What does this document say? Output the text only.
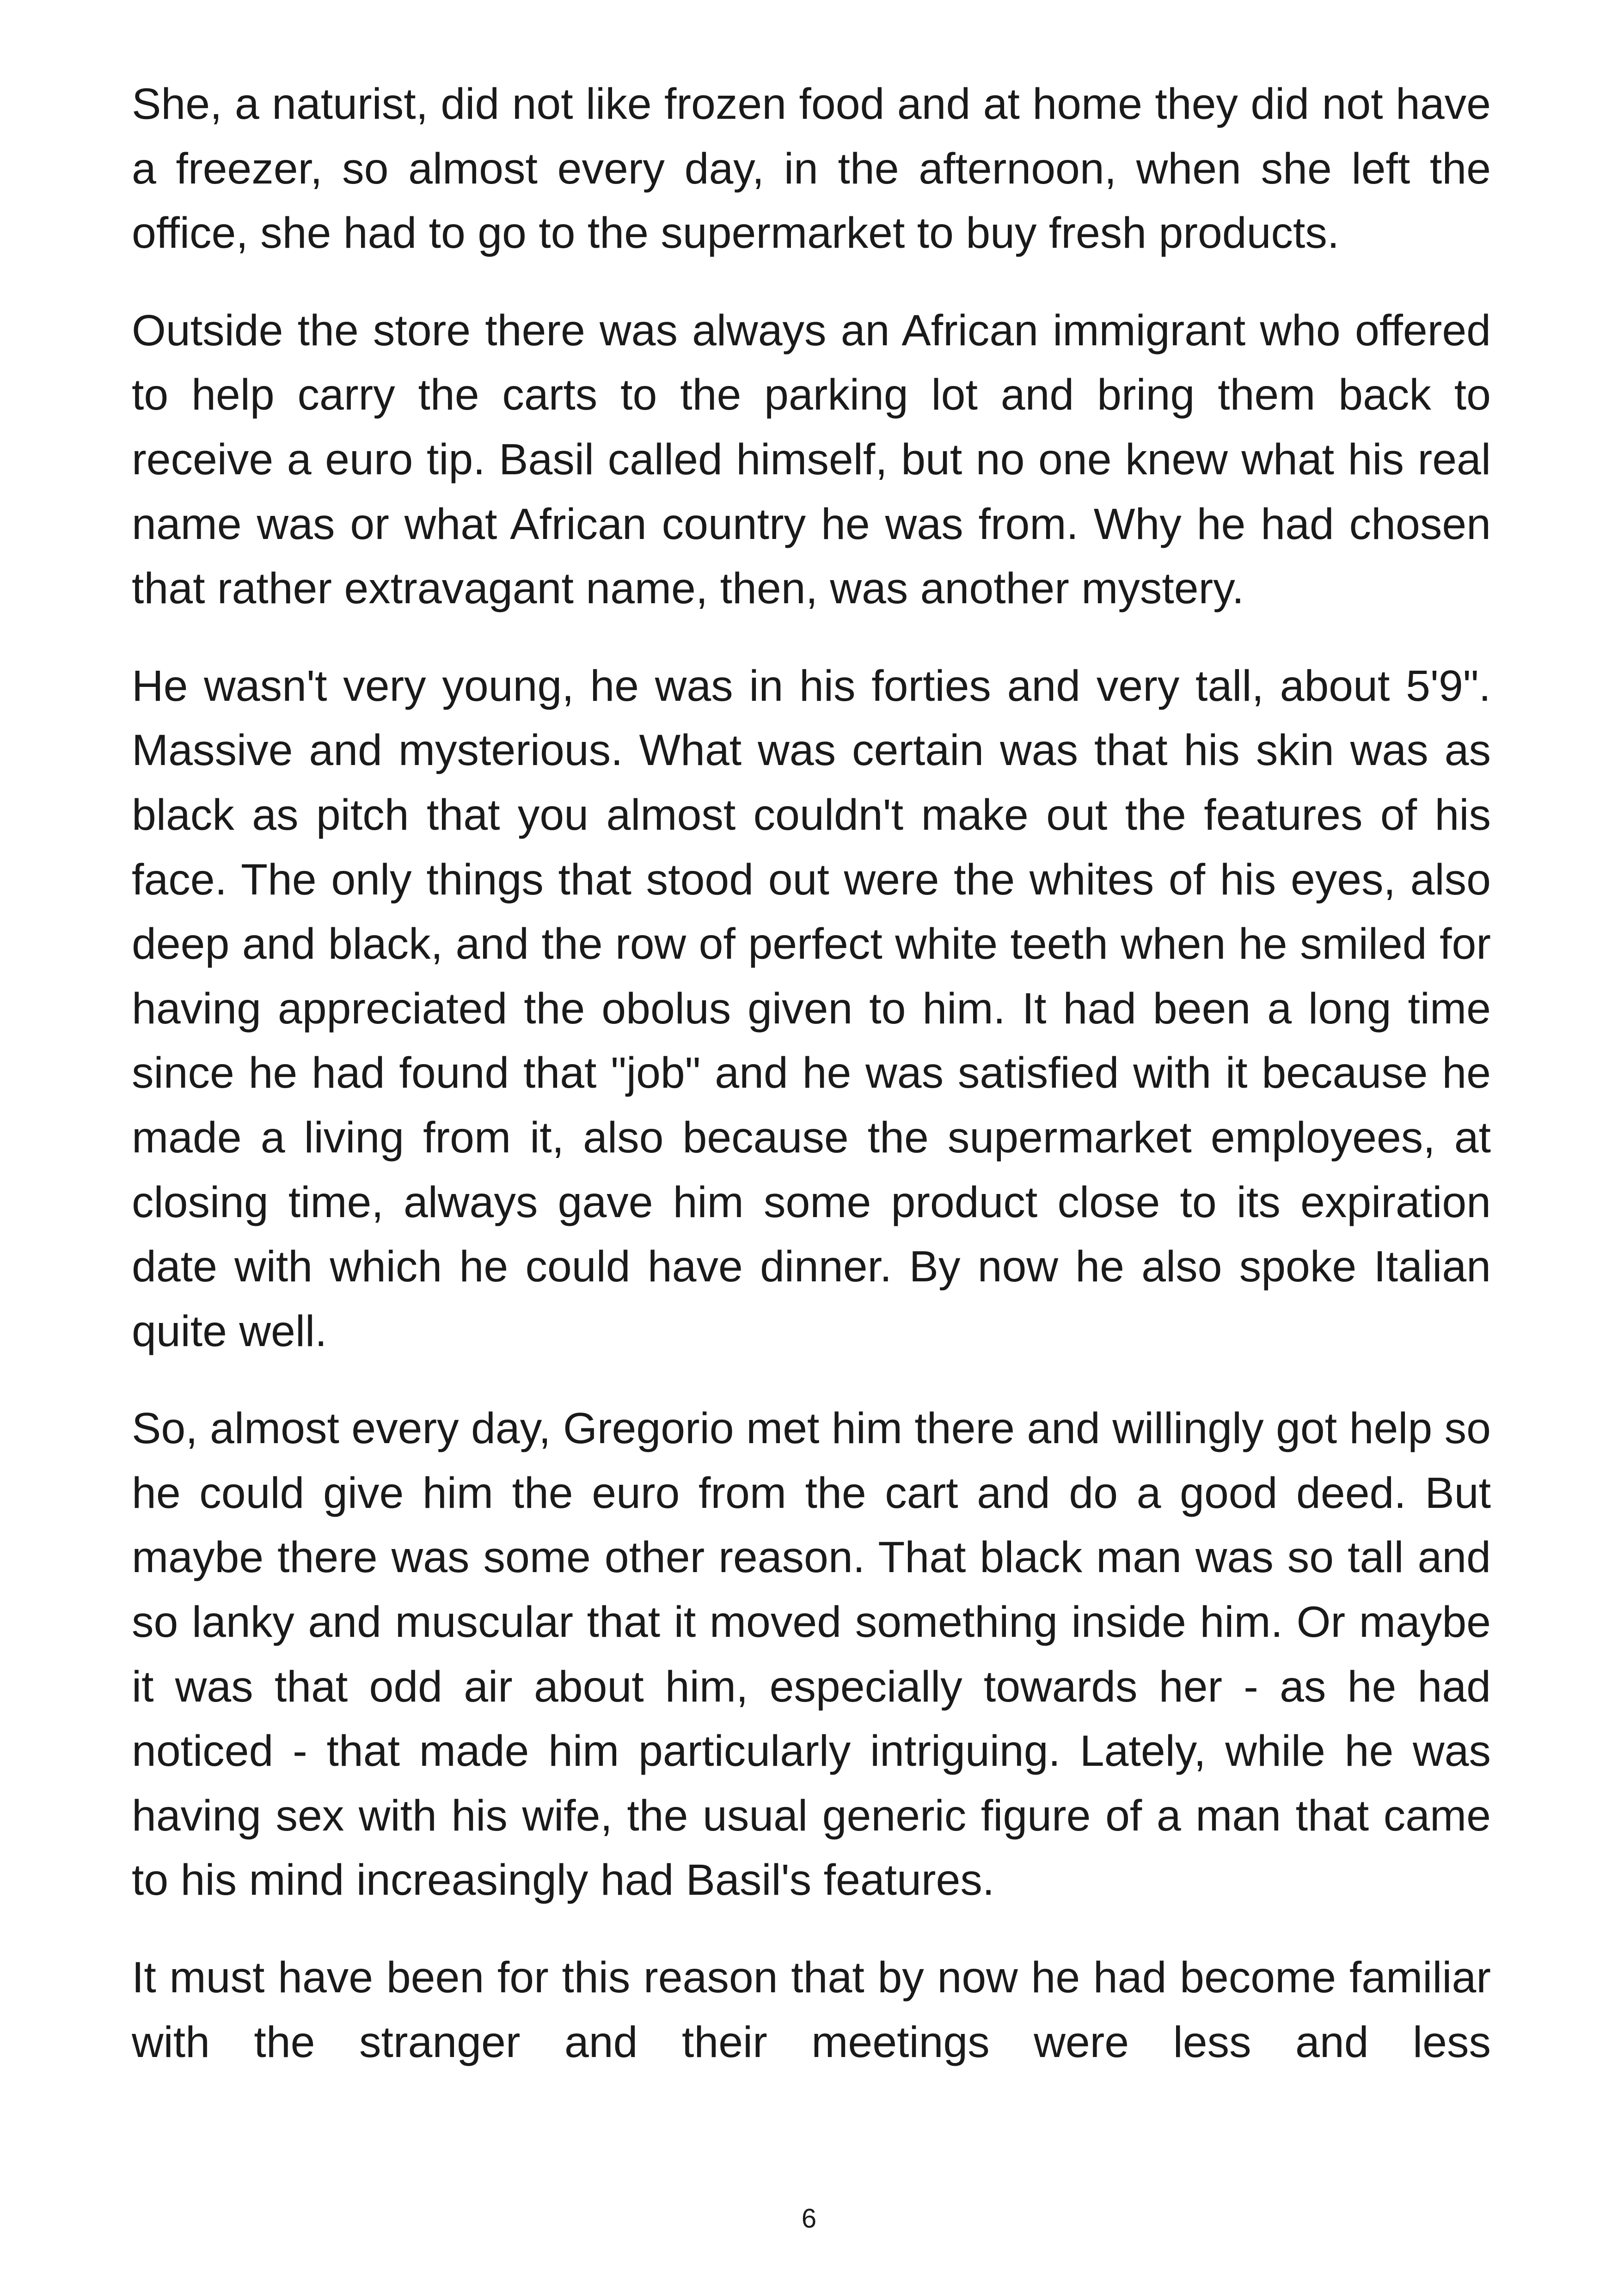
She, a naturist, did not like frozen food and at home they did not have a freezer, so almost every day, in the afternoon, when she left the office, she had to go to the supermarket to buy fresh products.

Outside the store there was always an African immigrant who offered to help carry the carts to the parking lot and bring them back to receive a euro tip. Basil called himself, but no one knew what his real name was or what African country he was from. Why he had chosen that rather extravagant name, then, was another mystery.

He wasn't very young, he was in his forties and very tall, about 5'9". Massive and mysterious. What was certain was that his skin was as black as pitch that you almost couldn't make out the features of his face. The only things that stood out were the whites of his eyes, also deep and black, and the row of perfect white teeth when he smiled for having appreciated the obolus given to him. It had been a long time since he had found that "job" and he was satisfied with it because he made a living from it, also because the supermarket employees, at closing time, always gave him some product close to its expiration date with which he could have dinner. By now he also spoke Italian quite well.

So, almost every day, Gregorio met him there and willingly got help so he could give him the euro from the cart and do a good deed. But maybe there was some other reason. That black man was so tall and so lanky and muscular that it moved something inside him. Or maybe it was that odd air about him, especially towards her - as he had noticed - that made him particularly intriguing. Lately, while he was having sex with his wife, the usual generic figure of a man that came to his mind increasingly had Basil's features.

It must have been for this reason that by now he had become familiar with the stranger and their meetings were less and less

6
